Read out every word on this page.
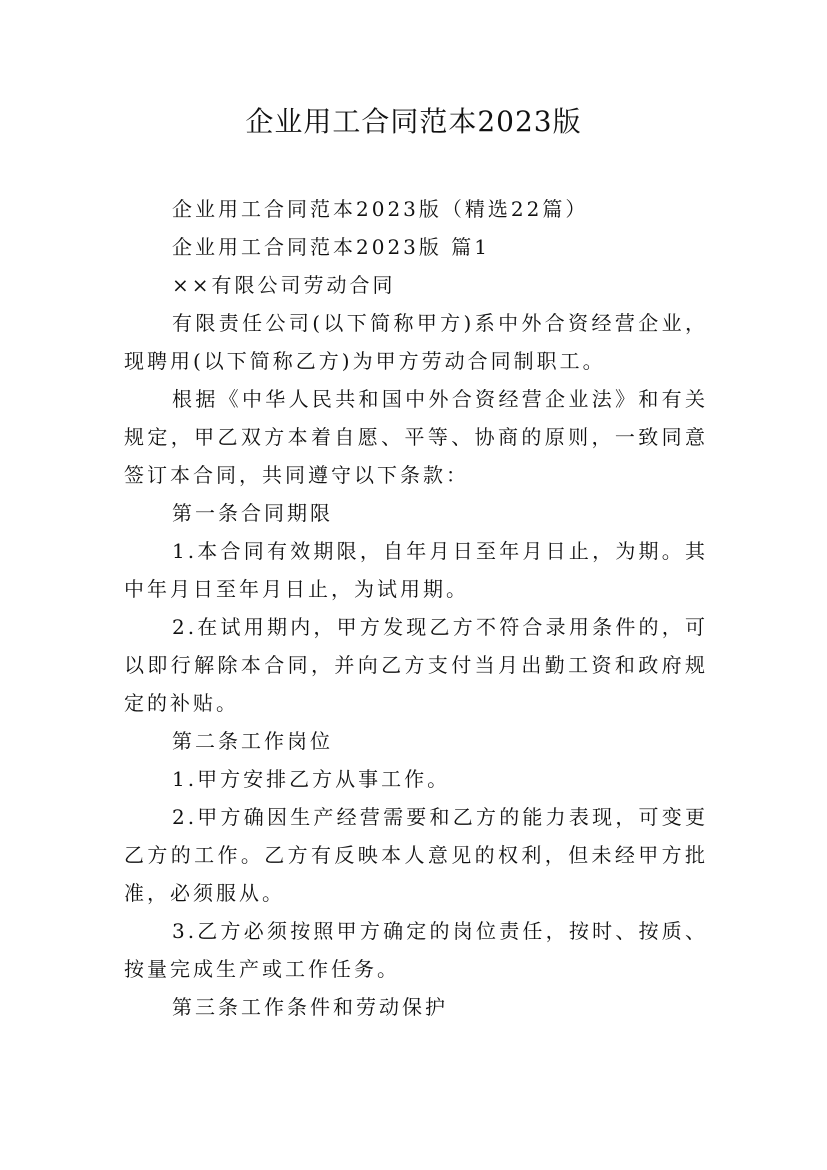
企业用工合同范本2023版

企业用工合同范本2023版（精选22篇）

企业用工合同范本2023版 篇1

××有限公司劳动合同

有限责任公司(以下简称甲方)系中外合资经营企业，现聘用(以下简称乙方)为甲方劳动合同制职工。

根据《中华人民共和国中外合资经营企业法》和有关规定，甲乙双方本着自愿、平等、协商的原则，一致同意签订本合同，共同遵守以下条款：

第一条合同期限

1.本合同有效期限，自年月日至年月日止，为期。其中年月日至年月日止，为试用期。

2.在试用期内，甲方发现乙方不符合录用条件的，可以即行解除本合同，并向乙方支付当月出勤工资和政府规定的补贴。

第二条工作岗位

1.甲方安排乙方从事工作。

2.甲方确因生产经营需要和乙方的能力表现，可变更乙方的工作。乙方有反映本人意见的权利，但未经甲方批准，必须服从。

3.乙方必须按照甲方确定的岗位责任，按时、按质、按量完成生产或工作任务。

第三条工作条件和劳动保护
